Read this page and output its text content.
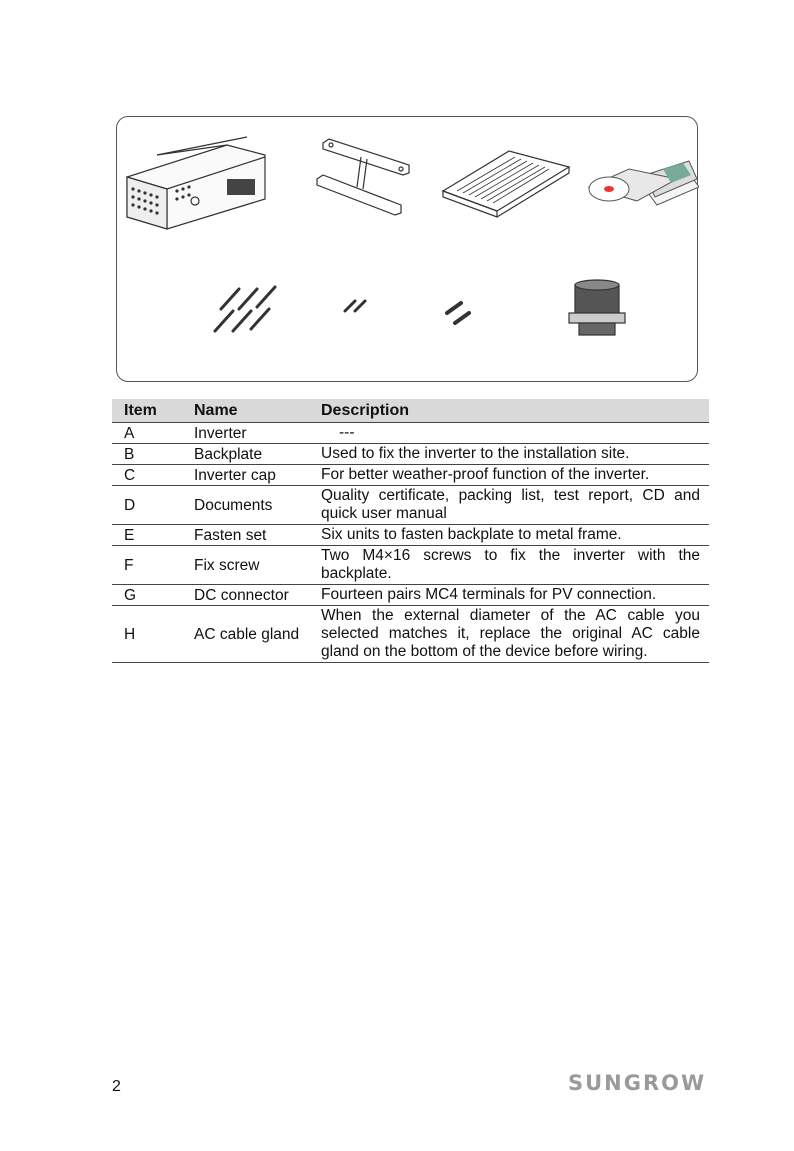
Item	Name	Description
A	Inverter	---
B	Backplate	Used to fix the inverter to the installation site.
C	Inverter cap	For better weather-proof function of the inverter.
D	Documents	Quality certificate, packing list, test report, CD and quick user manual
E	Fasten set	Six units to fasten backplate to metal frame.
F	Fix screw	Two M4×16 screws to fix the inverter with the backplate.
G	DC connector	Fourteen pairs MC4 terminals for PV connection.
H	AC cable gland	When the external diameter of the AC cable you selected matches it, replace the original AC cable gland on the bottom of the device before wiring.
2	SUNGROW
